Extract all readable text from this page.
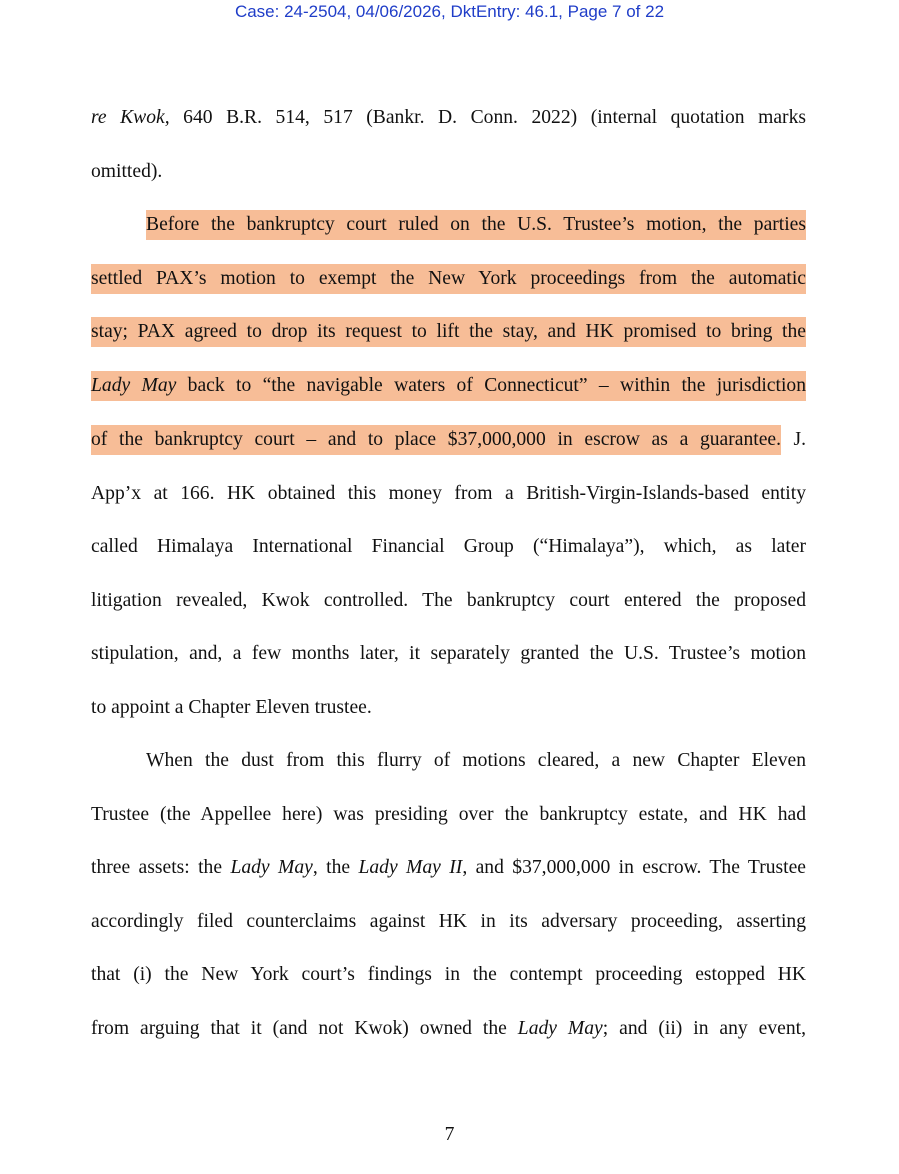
Case: 24-2504, 04/06/2026, DktEntry: 46.1, Page 7 of 22
re Kwok, 640 B.R. 514, 517 (Bankr. D. Conn. 2022) (internal quotation marks
omitted).
Before the bankruptcy court ruled on the U.S. Trustee’s motion, the parties
settled PAX’s motion to exempt the New York proceedings from the automatic
stay; PAX agreed to drop its request to lift the stay, and HK promised to bring the
Lady May back to “the navigable waters of Connecticut” – within the jurisdiction
of the bankruptcy court – and to place $37,000,000 in escrow as a guarantee. J.
App’x at 166. HK obtained this money from a British-Virgin-Islands-based entity
called Himalaya International Financial Group (“Himalaya”), which, as later
litigation revealed, Kwok controlled. The bankruptcy court entered the proposed
stipulation, and, a few months later, it separately granted the U.S. Trustee’s motion
to appoint a Chapter Eleven trustee.
When the dust from this flurry of motions cleared, a new Chapter Eleven
Trustee (the Appellee here) was presiding over the bankruptcy estate, and HK had
three assets: the Lady May, the Lady May II, and $37,000,000 in escrow. The Trustee
accordingly filed counterclaims against HK in its adversary proceeding, asserting
that (i) the New York court’s findings in the contempt proceeding estopped HK
from arguing that it (and not Kwok) owned the Lady May; and (ii) in any event,
7
